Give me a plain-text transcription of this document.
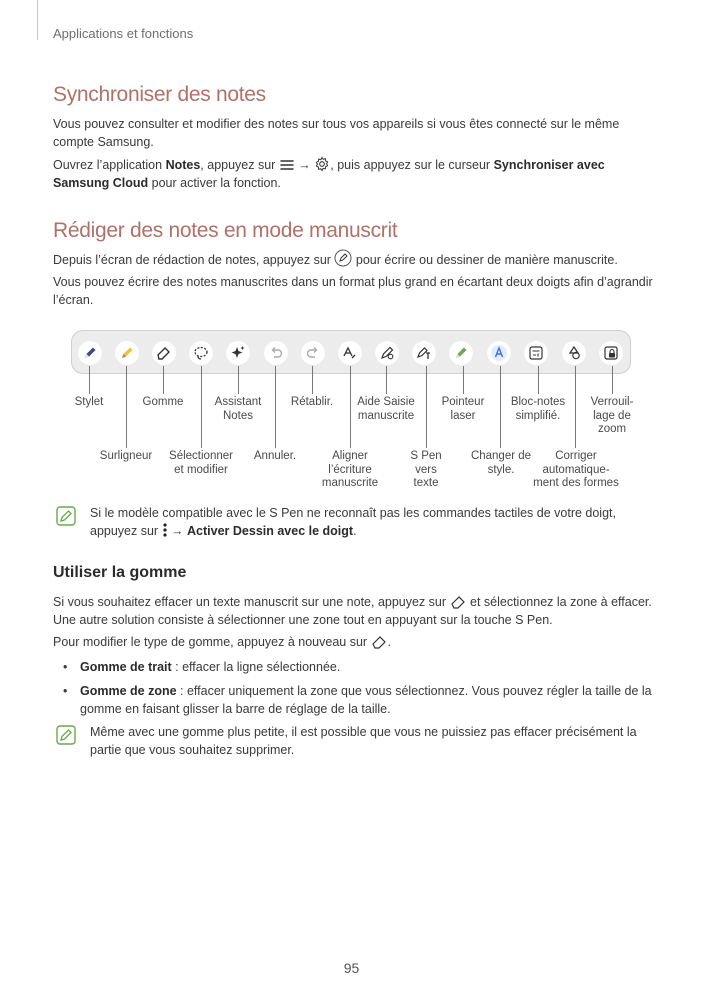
Applications et fonctions
Synchroniser des notes

Vous pouvez consulter et modifier des notes sur tous vos appareils si vous êtes connecté sur le même compte Samsung.

Ouvrez l’application Notes, appuyez sur  → , puis appuyez sur le curseur Synchroniser avec Samsung Cloud pour activer la fonction.

Rédiger des notes en mode manuscrit

Depuis l’écran de rédaction de notes, appuyez sur  pour écrire ou dessiner de manière manuscrite.

Vous pouvez écrire des notes manuscrites dans un format plus grand en écartant deux doigts afin d’agrandir l’écran.

Stylet	Gomme	Assistant
Notes
Rétablir.	Aide Saisie
manuscrite
Pointeur
laser
Bloc-notes
simplifié.
Verrouil-
lage de
zoom
Surligneur	Sélectionner
et modifier
Annuler.	Aligner
l’écriture
manuscrite
S Pen
vers
texte
Changer de
style.
Corriger
automatique-
ment des formes

Si le modèle compatible avec le S Pen ne reconnaît pas les commandes tactiles de votre doigt, appuyez sur  → Activer Dessin avec le doigt.

Utiliser la gomme

Si vous souhaitez effacer un texte manuscrit sur une note, appuyez sur  et sélectionnez la zone à effacer. Une autre solution consiste à sélectionner une zone tout en appuyant sur la touche S Pen.

Pour modifier le type de gomme, appuyez à nouveau sur .

• Gomme de trait : effacer la ligne sélectionnée.
• Gomme de zone : effacer uniquement la zone que vous sélectionnez. Vous pouvez régler la taille de la gomme en faisant glisser la barre de réglage de la taille.

Même avec une gomme plus petite, il est possible que vous ne puissiez pas effacer précisément la partie que vous souhaitez supprimer.

95
